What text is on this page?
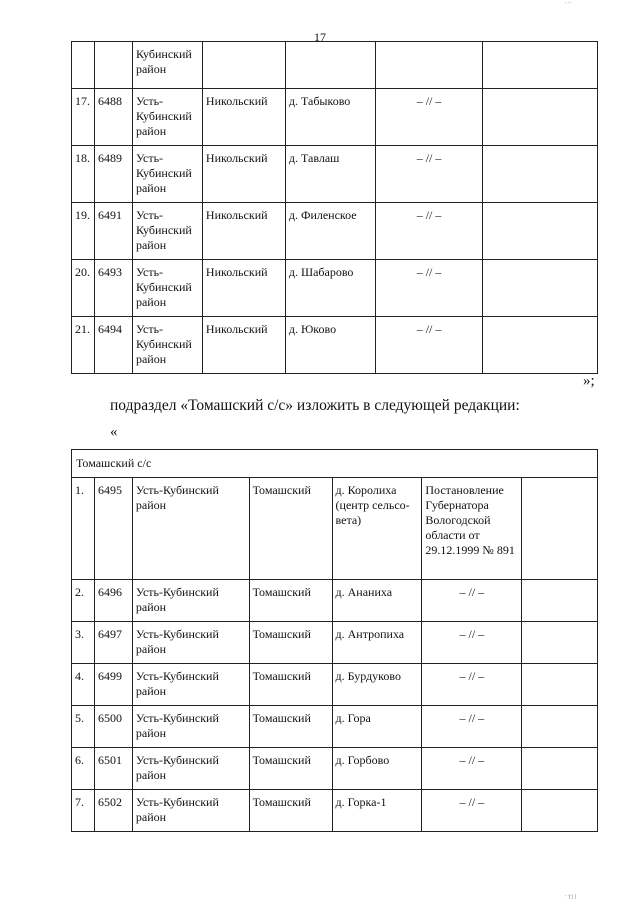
17
		Кубинский район				
17.	6488	Усть-Кубинский район	Никольский	д. Табыково	– // –	
18.	6489	Усть-Кубинский район	Никольский	д. Тавлаш	– // –	
19.	6491	Усть-Кубинский район	Никольский	д. Филенское	– // –	
20.	6493	Усть-Кубинский район	Никольский	д. Шабарово	– // –	
21.	6494	Усть-Кубинский район	Никольский	д. Юково	– // –	
»;
подраздел «Томашский с/с» изложить в следующей редакции:
«
Томашский с/с						
1.	6495	Усть-Кубинский район	Томашский	д. Королиха (центр сельсо-вета)	Постановление Губернатора Вологодской области от 29.12.1999 № 891	
2.	6496	Усть-Кубинский район	Томашский	д. Ананиха	– // –	
3.	6497	Усть-Кубинский район	Томашский	д. Антропиха	– // –	
4.	6499	Усть-Кубинский район	Томашский	д. Бурдуково	– // –	
5.	6500	Усть-Кубинский район	Томашский	д. Гора	– // –	
6.	6501	Усть-Кубинский район	Томашский	д. Горбово	– // –	
7.	6502	Усть-Кубинский район	Томашский	д. Горка-1	– // –	
' ' '
' 'l'l l
